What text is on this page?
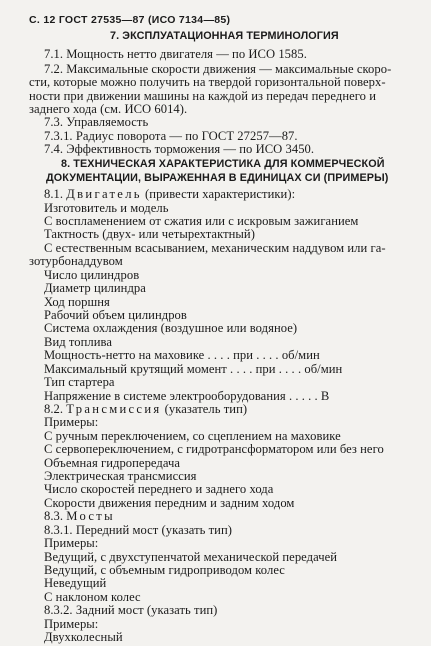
С. 12 ГОСТ 27535—87 (ИСО 7134—85)
7. ЭКСПЛУАТАЦИОННАЯ ТЕРМИНОЛОГИЯ
7.1. Мощность нетто двигателя — по ИСО 1585.
7.2. Максимальные скорости движения — максимальные скоро-
сти, которые можно получить на твердой горизонтальной поверх-
ности при движении машины на каждой из передач переднего и
заднего хода (см. ИСО 6014).
7.3. Управляемость
7.3.1. Радиус поворота — по ГОСТ 27257—87.
7.4. Эффективность торможения — по ИСО 3450.
8. ТЕХНИЧЕСКАЯ ХАРАКТЕРИСТИКА ДЛЯ КОММЕРЧЕСКОЙ
ДОКУМЕНТАЦИИ, ВЫРАЖЕННАЯ В ЕДИНИЦАХ СИ (ПРИМЕРЫ)
8.1. Двигатель (привести характеристики):
Изготовитель и модель
С воспламенением от сжатия или с искровым зажиганием
Тактность (двух- или четырехтактный)
С естественным всасыванием, механическим наддувом или га-
зотурбонаддувом
Число цилиндров
Диаметр цилиндра
Ход поршня
Рабочий объем цилиндров
Система охлаждения (воздушное или водяное)
Вид топлива
Мощность-нетто на маховике . . . . при . . . . об/мин
Максимальный крутящий момент . . . . при . . . . об/мин
Тип стартера
Напряжение в системе электрооборудования . . . . . В
8.2. Трансмиссия (указатель тип)
Примеры:
С ручным переключением, со сцеплением на маховике
С сервопереключением, с гидротрансформатором или без него
Объемная гидропередача
Электрическая трансмиссия
Число скоростей переднего и заднего хода
Скорости движения передним и задним ходом
8.3. Мосты
8.3.1. Передний мост (указать тип)
Примеры:
Ведущий, с двухступенчатой механической передачей
Ведущий, с объемным гидроприводом колес
Неведущий
С наклоном колес
8.3.2. Задний мост (указать тип)
Примеры:
Двухколесный
